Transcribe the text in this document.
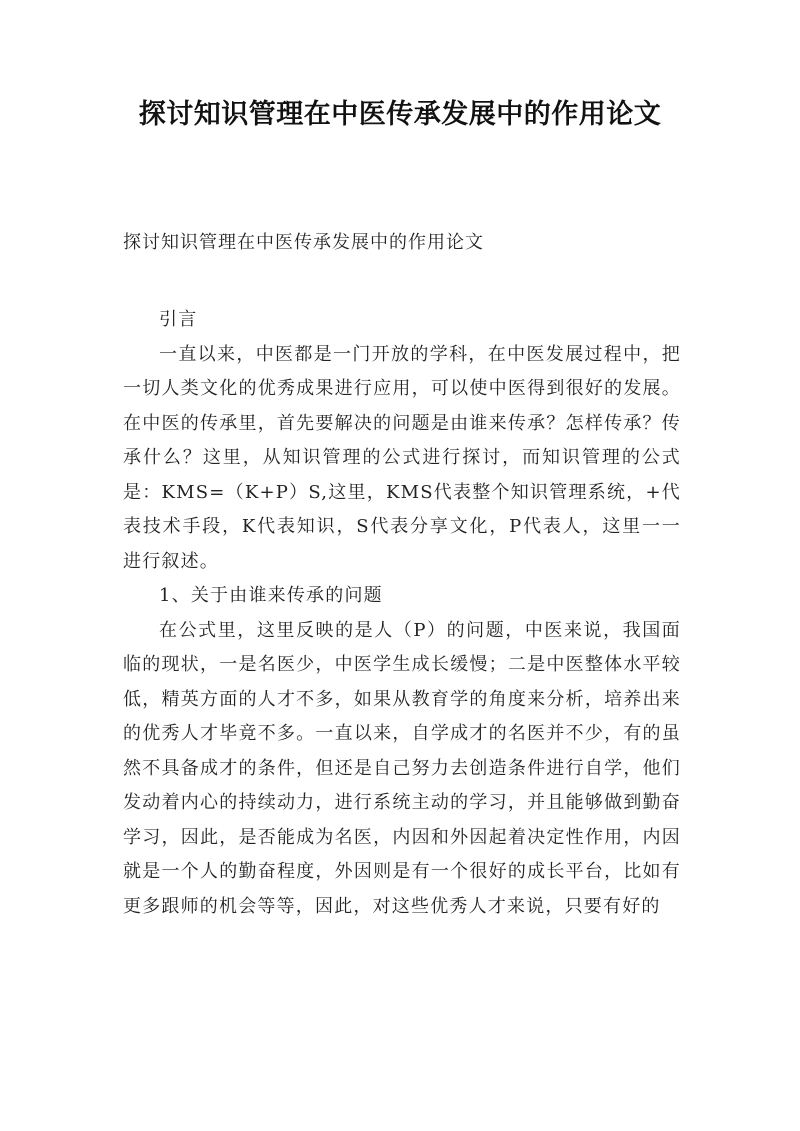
探讨知识管理在中医传承发展中的作用论文

探讨知识管理在中医传承发展中的作用论文

引言

一直以来，中医都是一门开放的学科，在中医发展过程中，把一切人类文化的优秀成果进行应用，可以使中医得到很好的发展。在中医的传承里，首先要解决的问题是由谁来传承？怎样传承？传承什么？这里，从知识管理的公式进行探讨，而知识管理的公式是：KMS=（K+P）S,这里，KMS代表整个知识管理系统，+代表技术手段，K代表知识，S代表分享文化，P代表人，这里一一进行叙述。

1、关于由谁来传承的问题

在公式里，这里反映的是人（P）的问题，中医来说，我国面临的现状，一是名医少，中医学生成长缓慢；二是中医整体水平较低，精英方面的人才不多，如果从教育学的角度来分析，培养出来的优秀人才毕竟不多。一直以来，自学成才的名医并不少，有的虽然不具备成才的条件，但还是自己努力去创造条件进行自学，他们发动着内心的持续动力，进行系统主动的学习，并且能够做到勤奋学习，因此，是否能成为名医，内因和外因起着决定性作用，内因就是一个人的勤奋程度，外因则是有一个很好的成长平台，比如有更多跟师的机会等等，因此，对这些优秀人才来说，只要有好的
